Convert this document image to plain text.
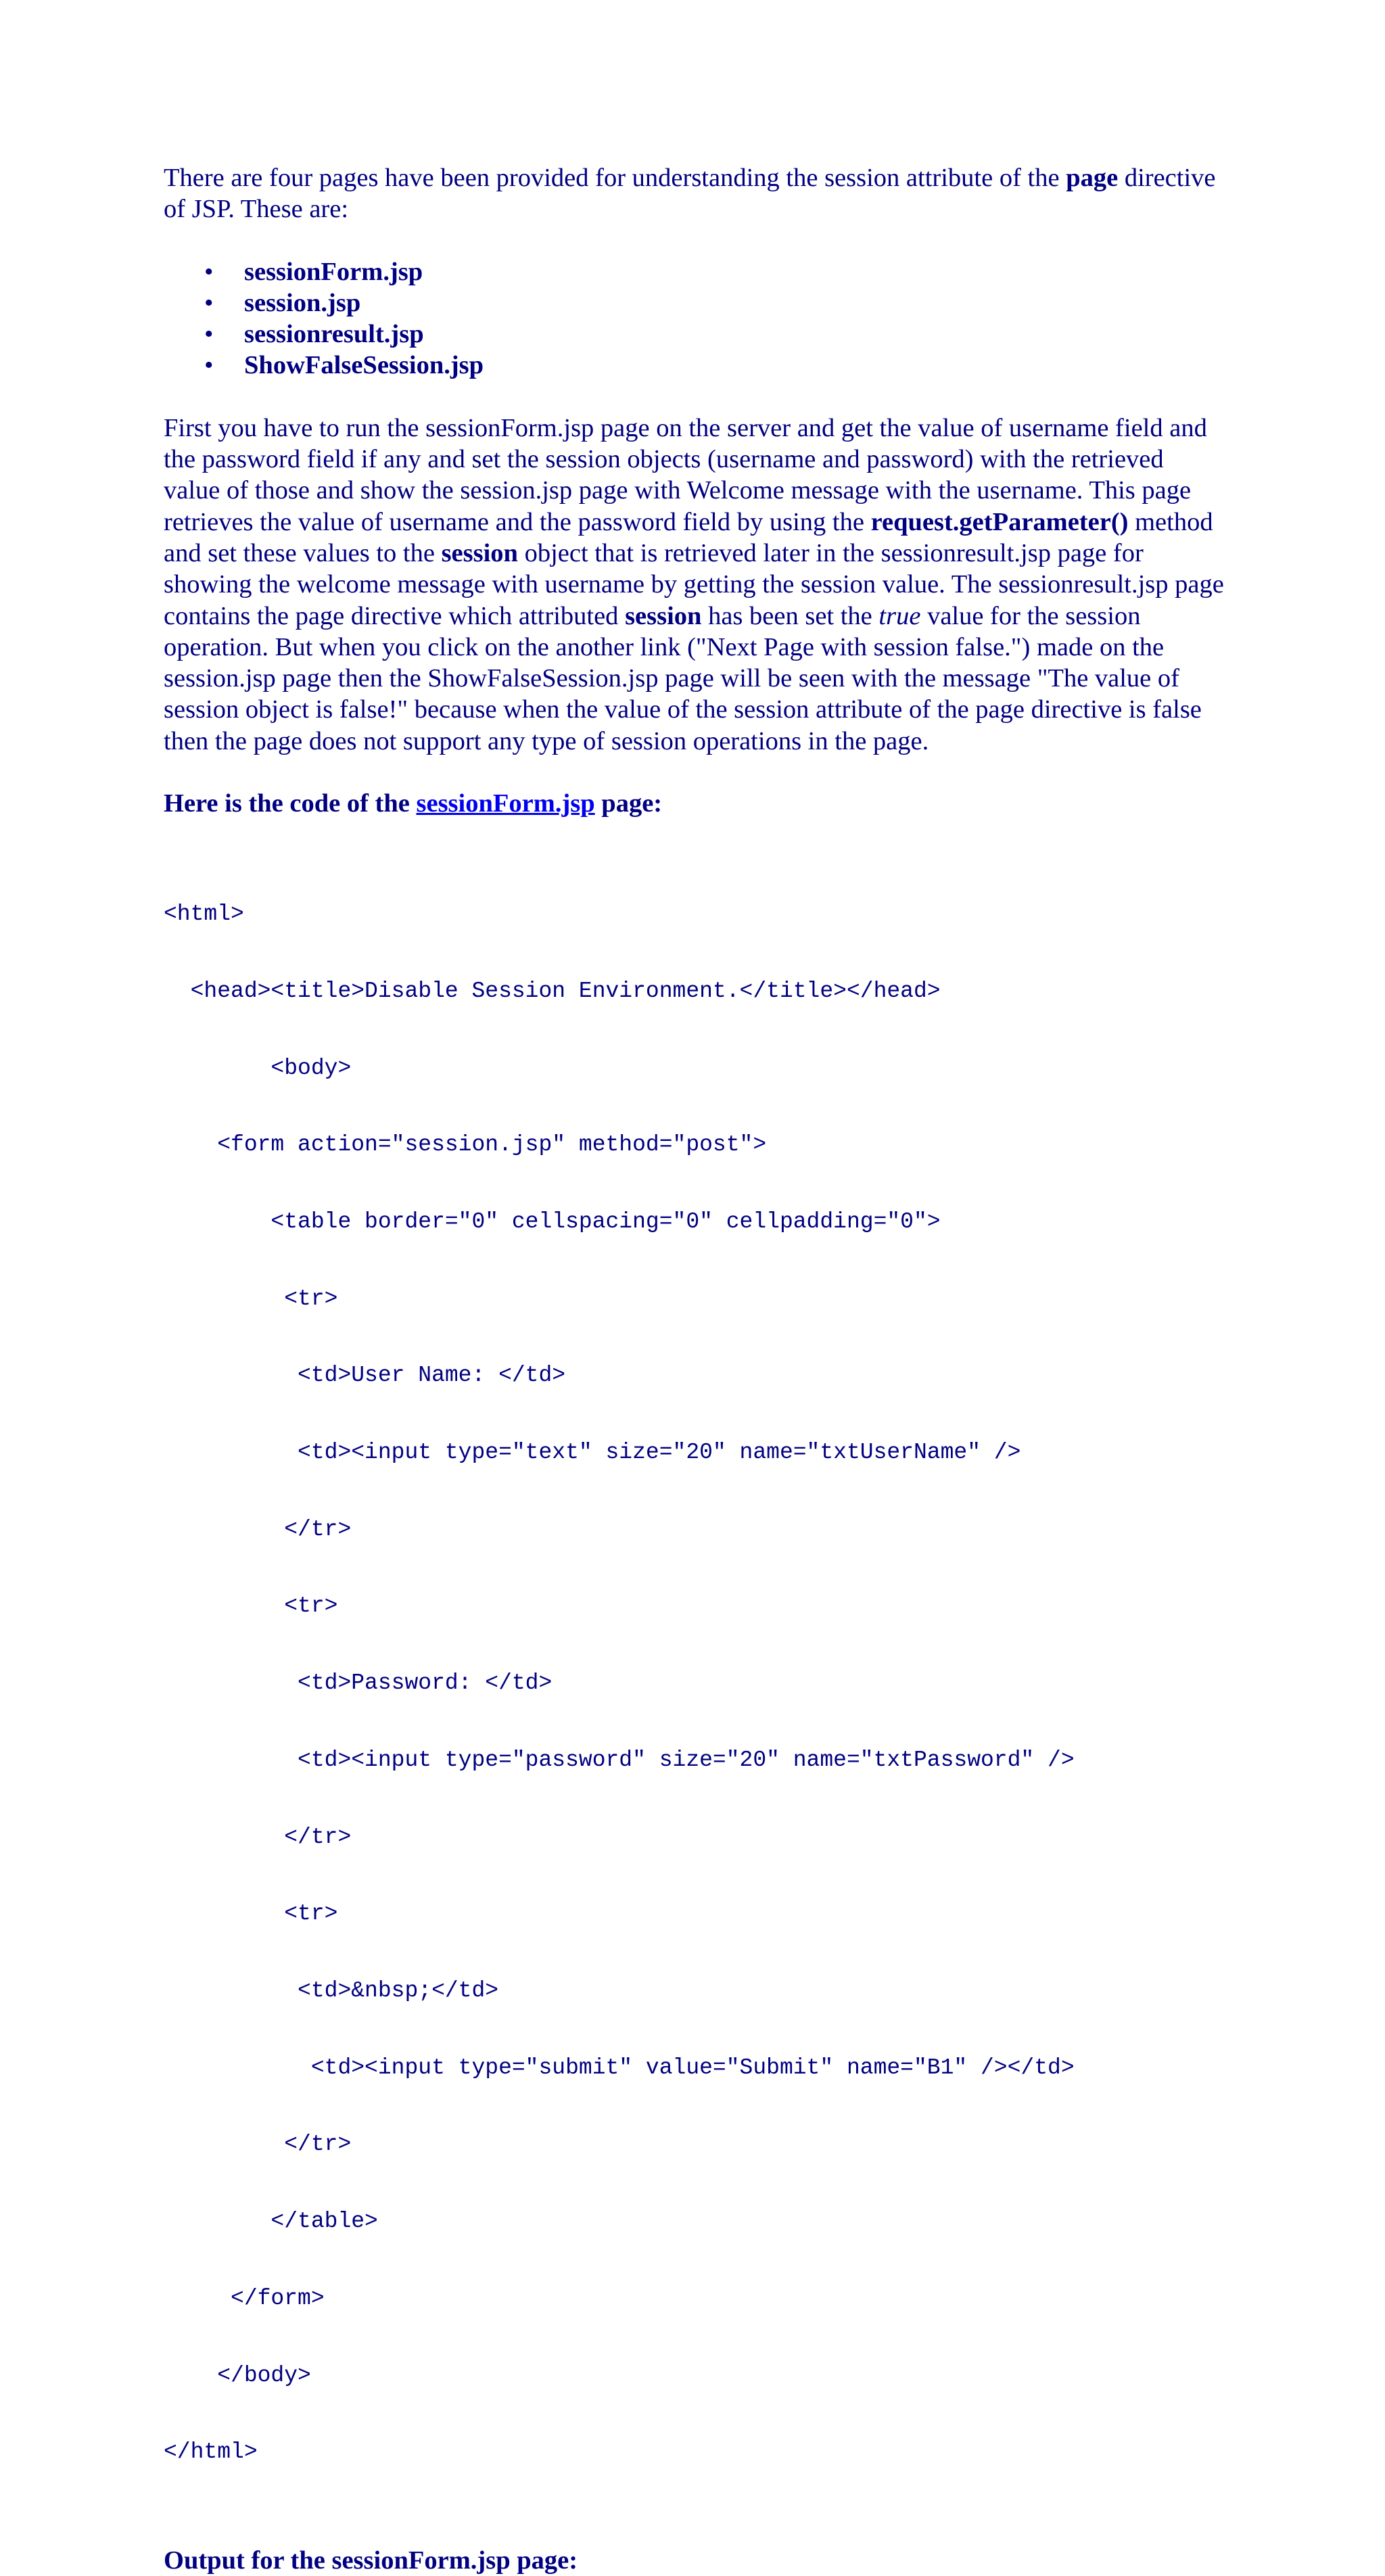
There are four pages have been provided for understanding the session attribute of the page directive of JSP. These are:

• sessionForm.jsp
• session.jsp
• sessionresult.jsp
• ShowFalseSession.jsp

First you have to run the sessionForm.jsp page on the server and get the value of username field and the password field if any and set the session objects (username and password) with the retrieved value of those and show the session.jsp page with Welcome message with the username. This page retrieves the value of username and the password field by using the request.getParameter() method and set these values to the session object that is retrieved later in the sessionresult.jsp page for showing the welcome message with username by getting the session value. The sessionresult.jsp page contains the page directive which attributed session has been set the true value for the session operation. But when you click on the another link ("Next Page with session false.") made on the session.jsp page then the ShowFalseSession.jsp page will be seen with the message "The value of session object is false!" because when the value of the session attribute of the page directive is false then the page does not support any type of session operations in the page.

Here is the code of the sessionForm.jsp page:

<html>

<head><title>Disable Session Environment.</title></head>

<body>

<form action="session.jsp" method="post">

<table border="0" cellspacing="0" cellpadding="0">

<tr>

<td>User Name: </td>

<td><input type="text" size="20" name="txtUserName" />

</tr>

<tr>

<td>Password: </td>

<td><input type="password" size="20" name="txtPassword" />

</tr>

<tr>

<td>&nbsp;</td>

<td><input type="submit" value="Submit" name="B1" /></td>

</tr>

</table>

</form>

</body>

</html>

Output for the sessionForm.jsp page:
